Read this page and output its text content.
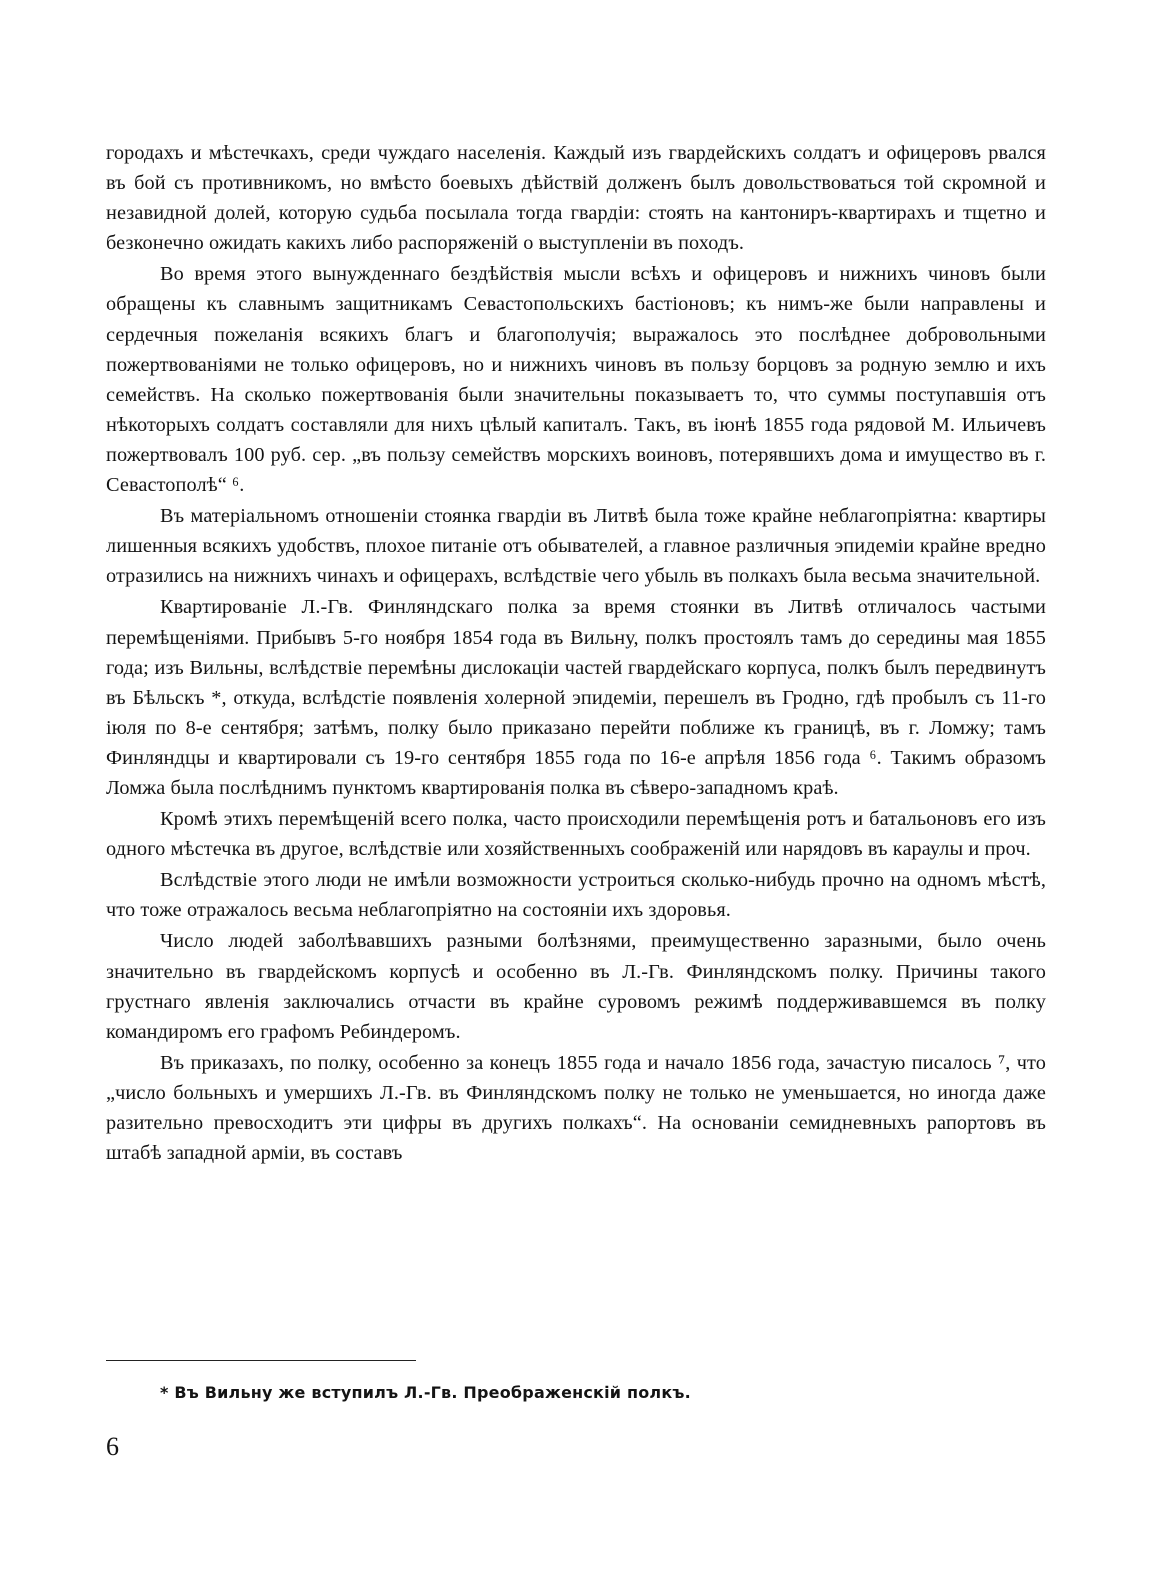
городахъ и мѣстечкахъ, среди чуждаго населенія. Каждый изъ гвардейскихъ солдатъ и офицеровъ рвался въ бой съ противникомъ, но вмѣсто боевыхъ дѣйствій долженъ былъ довольствоваться той скромной и незавидной долей, которую судьба посылала тогда гвардіи: стоять на кантониръ-квартирахъ и тщетно и безконечно ожидать какихъ либо распоряженій о выступленіи въ походъ.

Во время этого вынужденнаго бездѣйствія мысли всѣхъ и офицеровъ и нижнихъ чиновъ были обращены къ славнымъ защитникамъ Севастопольскихъ бастіоновъ; къ нимъ-же были направлены и сердечныя пожеланія всякихъ благъ и благополучія; выражалось это послѣднее добровольными пожертвованіями не только офицеровъ, но и нижнихъ чиновъ въ пользу борцовъ за родную землю и ихъ семействъ. На сколько пожертвованія были значительны показываетъ то, что суммы поступавшія отъ нѣкоторыхъ солдатъ составляли для нихъ цѣлый капиталъ. Такъ, въ іюнѣ 1855 года рядовой М. Ильичевъ пожертвовалъ 100 руб. сер. „въ пользу семействъ морскихъ воиновъ, потерявшихъ дома и имущество въ г. Севастополѣ“ ⁶.

Въ матеріальномъ отношеніи стоянка гвардіи въ Литвѣ была тоже крайне неблагопріятна: квартиры лишенныя всякихъ удобствъ, плохое питаніе отъ обывателей, а главное различныя эпидеміи крайне вредно отразились на нижнихъ чинахъ и офицерахъ, вслѣдствіе чего убыль въ полкахъ была весьма значительной.

Квартированіе Л.-Гв. Финляндскаго полка за время стоянки въ Литвѣ отличалось частыми перемѣщеніями. Прибывъ 5-го ноября 1854 года въ Вильну, полкъ простоялъ тамъ до середины мая 1855 года; изъ Вильны, вслѣдствіе перемѣны дислокаціи частей гвардейскаго корпуса, полкъ былъ передвинутъ въ Бѣльскъ *, откуда, вслѣдстіе появленія холерной эпидеміи, перешелъ въ Гродно, гдѣ пробылъ съ 11-го іюля по 8-е сентября; затѣмъ, полку было приказано перейти поближе къ границѣ, въ г. Ломжу; тамъ Финляндцы и квартировали съ 19-го сентября 1855 года по 16-е апрѣля 1856 года ⁶. Такимъ образомъ Ломжа была послѣднимъ пунктомъ квартированія полка въ сѣверо-западномъ краѣ.

Кромѣ этихъ перемѣщеній всего полка, часто происходили перемѣщенія ротъ и батальоновъ его изъ одного мѣстечка въ другое, вслѣдствіе или хозяйственныхъ соображеній или нарядовъ въ караулы и проч.

Вслѣдствіе этого люди не имѣли возможности устроиться сколько-нибудь прочно на одномъ мѣстѣ, что тоже отражалось весьма неблагопріятно на состояніи ихъ здоровья.

Число людей заболѣвавшихъ разными болѣзнями, преимущественно заразными, было очень значительно въ гвардейскомъ корпусѣ и особенно въ Л.-Гв. Финляндскомъ полку. Причины такого грустнаго явленія заключались отчасти въ крайне суровомъ режимѣ поддерживавшемся въ полку командиромъ его графомъ Ребиндеромъ.

Въ приказахъ, по полку, особенно за конецъ 1855 года и начало 1856 года, зачастую писалось ⁷, что „число больныхъ и умершихъ Л.-Гв. въ Финляндскомъ полку не только не уменьшается, но иногда даже разительно превосходитъ эти цифры въ другихъ полкахъ“. На основаніи семидневныхъ рапортовъ въ штабѣ западной арміи, въ составъ

* Въ Вильну же вступилъ Л.-Гв. Преображенскій полкъ.
6
